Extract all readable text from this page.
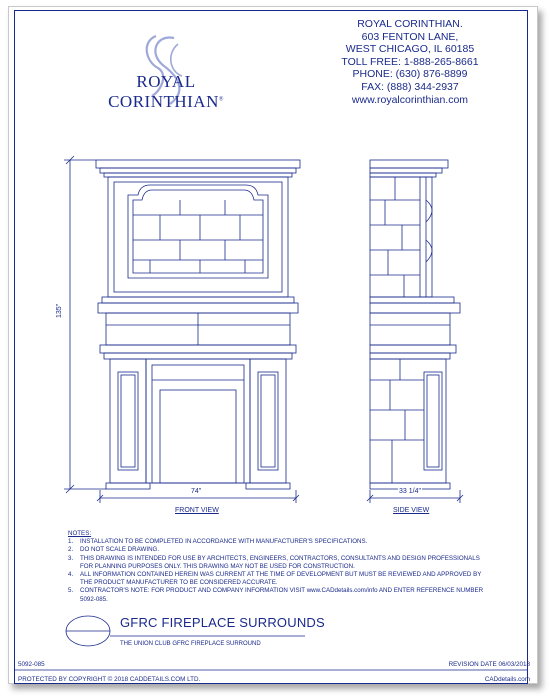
ROYAL CORINTHIAN®
ROYAL CORINTHIAN.
603 FENTON LANE,
WEST CHICAGO, IL 60185
TOLL FREE: 1-888-265-8661
PHONE: (630) 876-8899
FAX: (888) 344-2937
www.royalcorinthian.com
135"
74"	33 1/4"
FRONT VIEW	SIDE VIEW
NOTES:
1.	INSTALLATION TO BE COMPLETED IN ACCORDANCE WITH MANUFACTURER'S SPECIFICATIONS.
2.	DO NOT SCALE DRAWING.
3.	THIS DRAWING IS INTENDED FOR USE BY ARCHITECTS, ENGINEERS, CONTRACTORS, CONSULTANTS AND DESIGN PROFESSIONALS FOR PLANNING PURPOSES ONLY. THIS DRAWING MAY NOT BE USED FOR CONSTRUCTION.
4.	ALL INFORMATION CONTAINED HEREIN WAS CURRENT AT THE TIME OF DEVELOPMENT BUT MUST BE REVIEWED AND APPROVED BY THE PRODUCT MANUFACTURER TO BE CONSIDERED ACCURATE.
5.	CONTRACTOR'S NOTE: FOR PRODUCT AND COMPANY INFORMATION VISIT www.CADdetails.com/info AND ENTER REFERENCE NUMBER 5092-085.
GFRC FIREPLACE SURROUNDS
THE UNION CLUB GFRC FIREPLACE SURROUND
5092-085	REVISION DATE 06/03/2018
PROTECTED BY COPYRIGHT © 2018 CADDETAILS.COM LTD.	CADdetails.com
